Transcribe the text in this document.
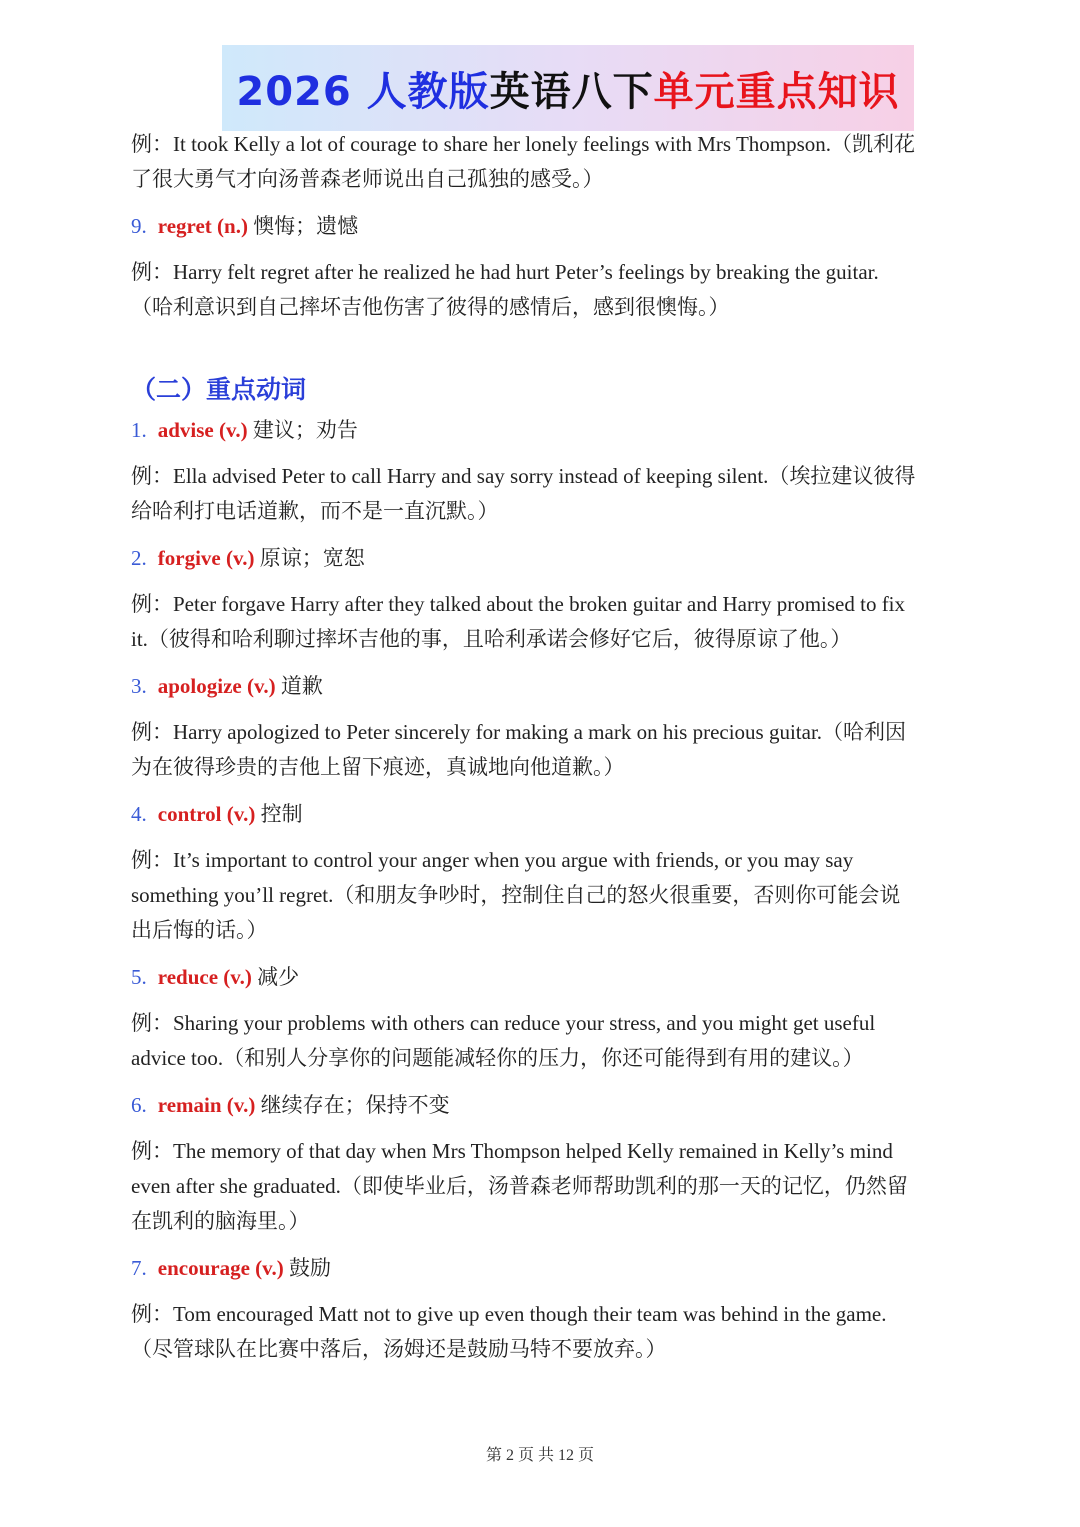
2026 人教版 英语八下 单元重点知识
例：It took Kelly a lot of courage to share her lonely feelings with Mrs Thompson.（凯利花
了很大勇气才向汤普森老师说出自己孤独的感受。）
9. regret (n.) 懊悔；遗憾
例：Harry felt regret after he realized he had hurt Peter’s feelings by breaking the guitar.
（哈利意识到自己摔坏吉他伤害了彼得的感情后，感到很懊悔。）
（二）重点动词
1. advise (v.) 建议；劝告
例：Ella advised Peter to call Harry and say sorry instead of keeping silent.（埃拉建议彼得
给哈利打电话道歉，而不是一直沉默。）
2. forgive (v.) 原谅；宽恕
例：Peter forgave Harry after they talked about the broken guitar and Harry promised to fix
it.（彼得和哈利聊过摔坏吉他的事，且哈利承诺会修好它后，彼得原谅了他。）
3. apologize (v.) 道歉
例：Harry apologized to Peter sincerely for making a mark on his precious guitar.（哈利因
为在彼得珍贵的吉他上留下痕迹，真诚地向他道歉。）
4. control (v.) 控制
例：It’s important to control your anger when you argue with friends, or you may say
something you’ll regret.（和朋友争吵时，控制住自己的怒火很重要，否则你可能会说
出后悔的话。）
5. reduce (v.) 减少
例：Sharing your problems with others can reduce your stress, and you might get useful
advice too.（和别人分享你的问题能减轻你的压力，你还可能得到有用的建议。）
6. remain (v.) 继续存在；保持不变
例：The memory of that day when Mrs Thompson helped Kelly remained in Kelly’s mind
even after she graduated.（即使毕业后，汤普森老师帮助凯利的那一天的记忆，仍然留
在凯利的脑海里。）
7. encourage (v.) 鼓励
例：Tom encouraged Matt not to give up even though their team was behind in the game.
（尽管球队在比赛中落后，汤姆还是鼓励马特不要放弃。）
第 2 页 共 12 页
